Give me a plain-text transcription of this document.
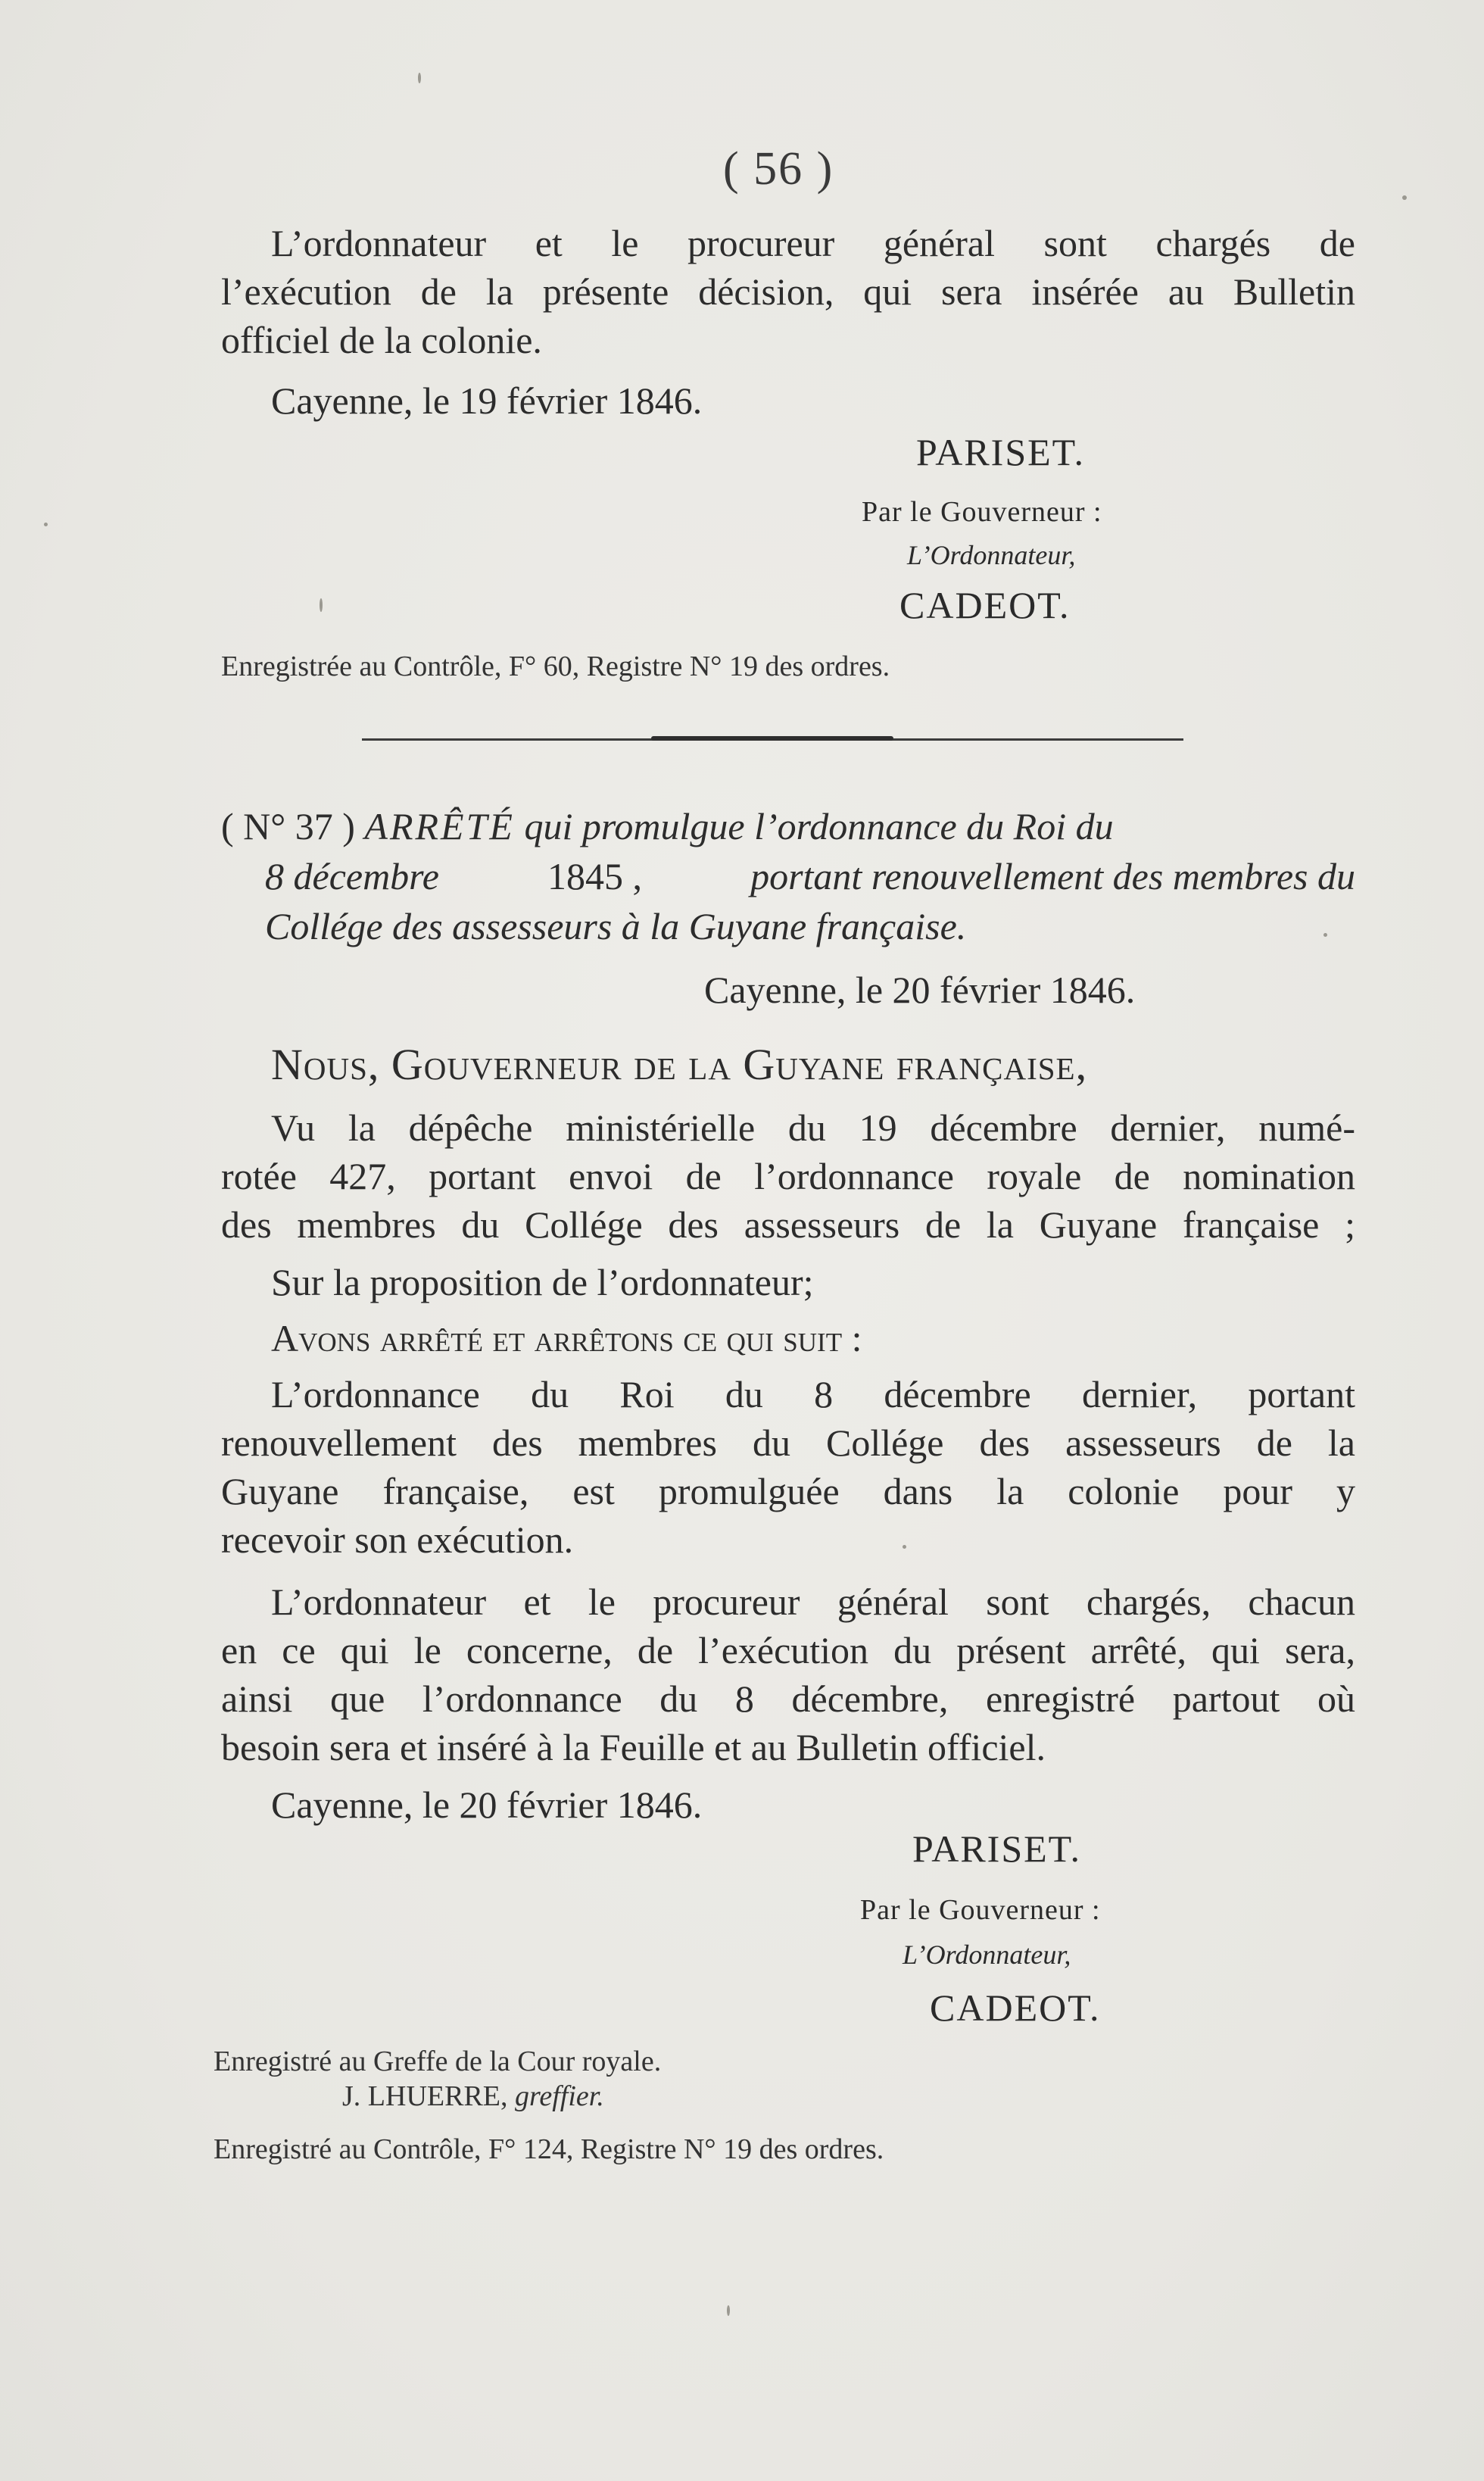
( 56 )
L’ordonnateur et le procureur général sont chargés de
l’exécution de la présente décision, qui sera insérée au Bulletin
officiel de la colonie.
Cayenne, le 19 février 1846.
PARISET.
Par le Gouverneur :
L’Ordonnateur,
CADEOT.
Enregistrée au Contrôle, F° 60, Registre N° 19 des ordres.
( N° 37 ) ARRÊTÉ qui promulgue l’ordonnance du Roi du
8 décembre	1845 ,	portant renouvellement des membres du
Collége des assesseurs à la Guyane française.
Cayenne, le 20 février 1846.
Nous, Gouverneur de la Guyane française,
Vu la dépêche ministérielle du 19 décembre dernier, numé-
rotée 427, portant envoi de l’ordonnance royale de nomination
des membres du Collége des assesseurs de la Guyane française ;
Sur la proposition de l’ordonnateur;
Avons arrêté et arrêtons ce qui suit :
L’ordonnance du Roi du 8 décembre dernier, portant
renouvellement des membres du Collége des assesseurs de la
Guyane française, est promulguée dans la colonie pour y
recevoir son exécution.
L’ordonnateur et le procureur général sont chargés, chacun
en ce qui le concerne, de l’exécution du présent arrêté, qui sera,
ainsi que l’ordonnance du 8 décembre, enregistré partout où
besoin sera et inséré à la Feuille et au Bulletin officiel.
Cayenne, le 20 février 1846.
PARISET.
Par le Gouverneur :
L’Ordonnateur,
CADEOT.
Enregistré au Greffe de la Cour royale.
J. LHUERRE, greffier.
Enregistré au Contrôle, F° 124, Registre N° 19 des ordres.
